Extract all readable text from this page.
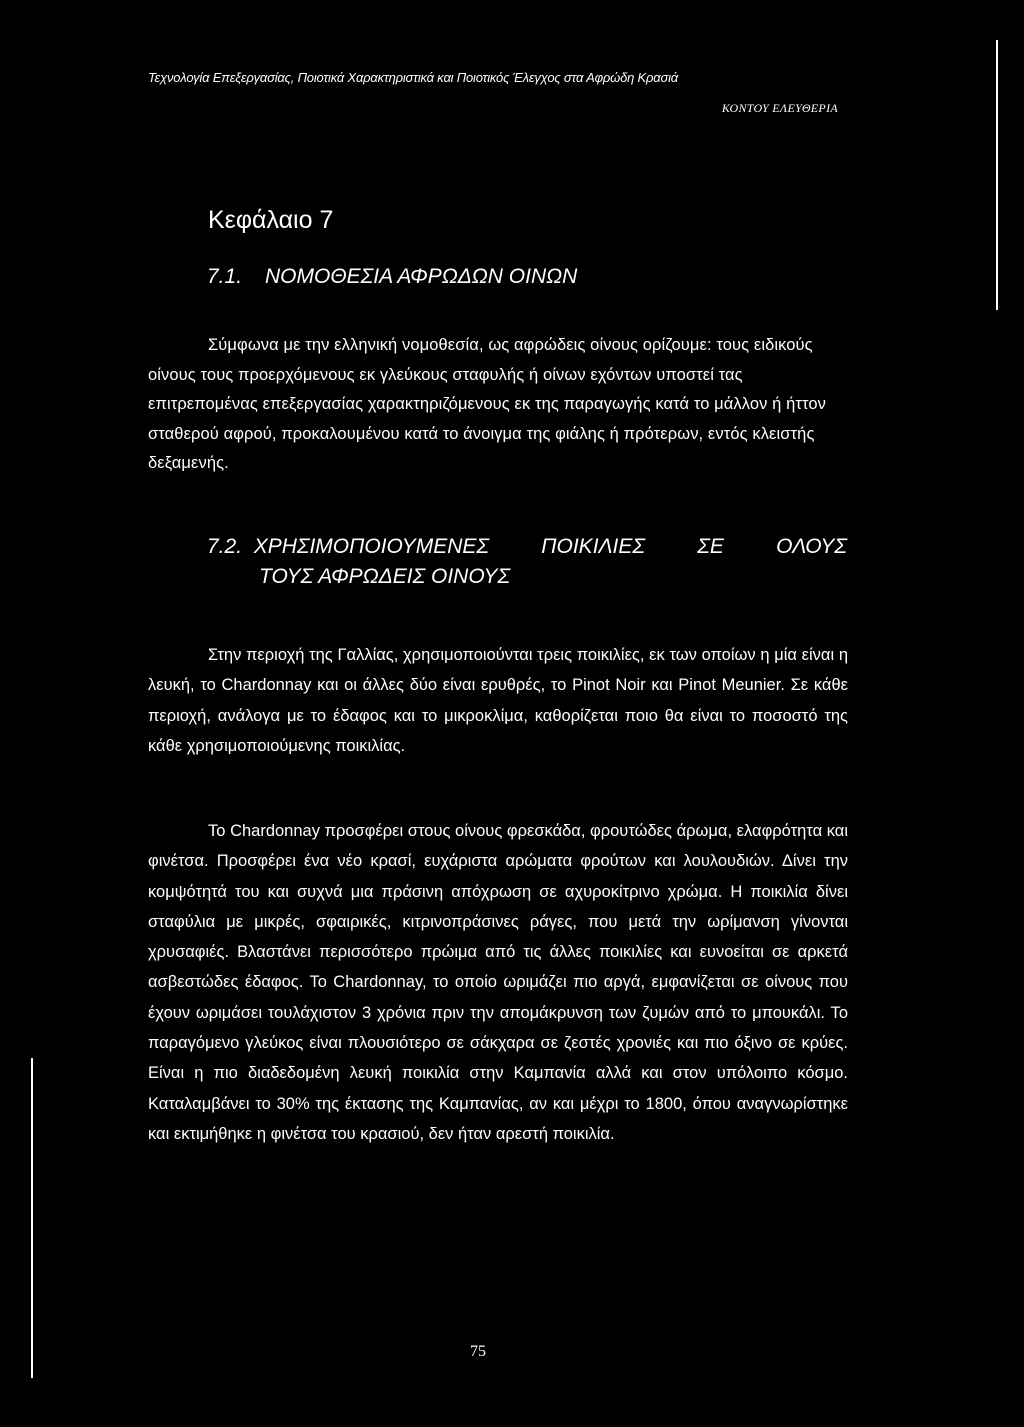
Τεχνολογία Επεξεργασίας, Ποιοτικά Χαρακτηριστικά και Ποιοτικός Έλεγχος στα Αφρώδη Κρασιά
ΚΟΝΤΟΥ ΕΛΕΥΘΕΡΙΑ
Κεφάλαιο 7
7.1. ΝΟΜΟΘΕΣΙΑ ΑΦΡΩΔΩΝ ΟΙΝΩΝ
Σύμφωνα με την ελληνική νομοθεσία, ως αφρώδεις οίνους ορίζουμε: τους ειδικούς οίνους τους προερχόμενους εκ γλεύκους σταφυλής ή οίνων εχόντων υποστεί τας επιτρεπομένας επεξεργασίας χαρακτηριζόμενους εκ της παραγωγής κατά το μάλλον ή ήττον σταθερού αφρού, προκαλουμένου κατά το άνοιγμα της φιάλης ή πρότερων, εντός κλειστής δεξαμενής.
7.2. ΧΡΗΣΙΜΟΠΟΙΟΥΜΕΝΕΣ ΠΟΙΚΙΛΙΕΣ ΣΕ ΟΛΟΥΣ
ΤΟΥΣ ΑΦΡΩΔΕΙΣ ΟΙΝΟΥΣ
Στην περιοχή της Γαλλίας, χρησιμοποιούνται τρεις ποικιλίες, εκ των οποίων η μία είναι η λευκή, το Chardonnay και οι άλλες δύο είναι ερυθρές, το Pinot Noir και Pinot Meunier. Σε κάθε περιοχή, ανάλογα με το έδαφος και το μικροκλίμα, καθορίζεται ποιο θα είναι το ποσοστό της κάθε χρησιμοποιούμενης ποικιλίας.
Το Chardonnay προσφέρει στους οίνους φρεσκάδα, φρουτώδες άρωμα, ελαφρότητα και φινέτσα. Προσφέρει ένα νέο κρασί, ευχάριστα αρώματα φρούτων και λουλουδιών. Δίνει την κομψότητά του και συχνά μια πράσινη απόχρωση σε αχυροκίτρινο χρώμα. Η ποικιλία δίνει σταφύλια με μικρές, σφαιρικές, κιτρινοπράσινες ράγες, που μετά την ωρίμανση γίνονται χρυσαφιές. Βλαστάνει περισσότερο πρώιμα από τις άλλες ποικιλίες και ευνοείται σε αρκετά ασβεστώδες έδαφος. Το Chardonnay, το οποίο ωριμάζει πιο αργά, εμφανίζεται σε οίνους που έχουν ωριμάσει τουλάχιστον 3 χρόνια πριν την απομάκρυνση των ζυμών από το μπουκάλι. Το παραγόμενο γλεύκος είναι πλουσιότερο σε σάκχαρα σε ζεστές χρονιές και πιο όξινο σε κρύες. Είναι η πιο διαδεδομένη λευκή ποικιλία στην Καμπανία αλλά και στον υπόλοιπο κόσμο. Καταλαμβάνει το 30% της έκτασης της Καμπανίας, αν και μέχρι το 1800, όπου αναγνωρίστηκε και εκτιμήθηκε η φινέτσα του κρασιού, δεν ήταν αρεστή ποικιλία.
75
